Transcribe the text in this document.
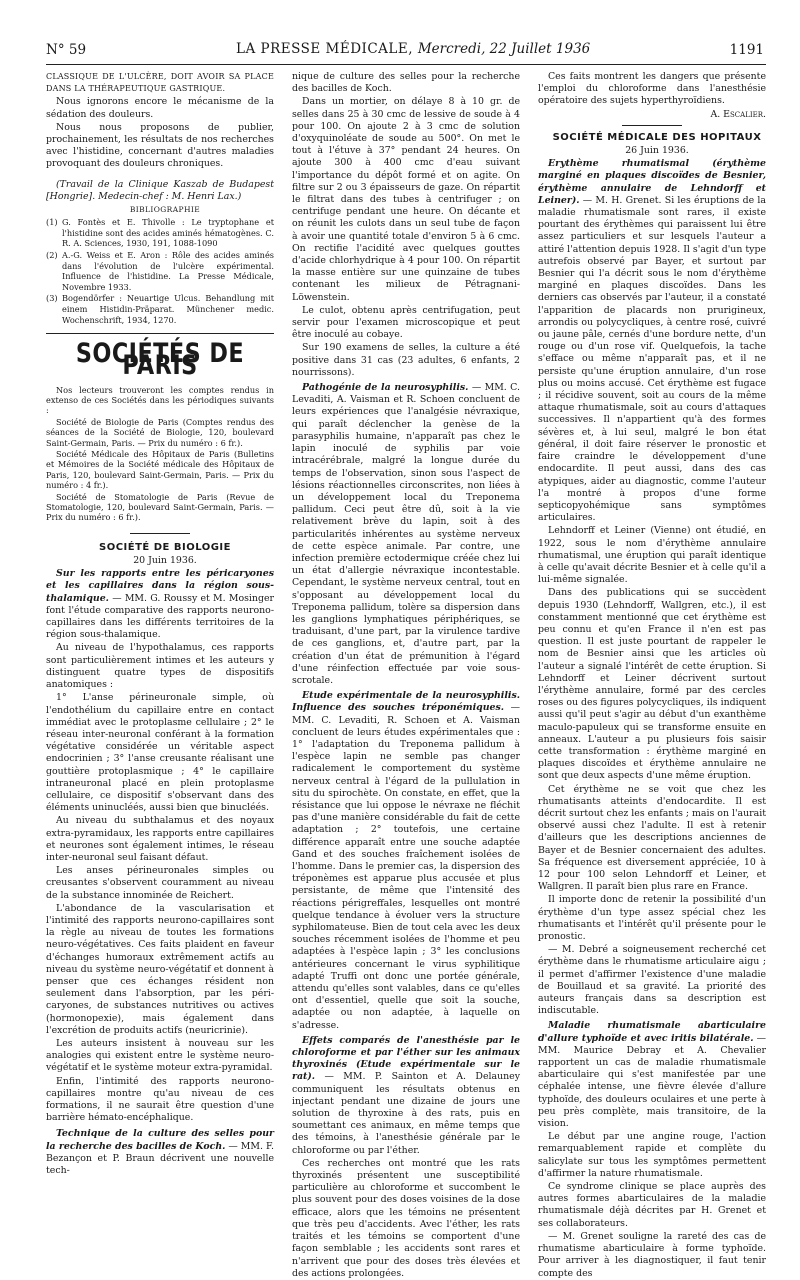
N° 59	LA PRESSE MÉDICALE, Mercredi, 22 Juillet 1936	1191

CLASSIQUE DE L'ULCÈRE, DOIT AVOIR SA PLACE DANS LA THÉRAPEUTIQUE GASTRIQUE.

Nous ignorons encore le mécanisme de la sédation des douleurs.

Nous nous proposons de publier, prochainement, les résultats de nos recherches avec l'histidine, concernant d'autres maladies provoquant des douleurs chroniques.

(Travail de la Clinique Kaszab de Budapest [Hongrie]. Medecin-chef : M. Henri Lax.)

BIBLIOGRAPHIE

(1) G. Fontès et E. Thivolle : Le tryptophane et l'histidine sont des acides aminés hématogènes. C. R. A. Sciences, 1930, 191, 1088-1090

(2) A.-G. Weiss et E. Aron : Rôle des acides aminés dans l'évolution de l'ulcère expérimental. Influence de l'histidine. La Presse Médicale, Novembre 1933.

(3) Bogendörfer : Neuartige Ulcus. Behandlung mit einem Histidin-Präparat. Münchener medic. Wochenschrift, 1934, 1270.

SOCIÉTÉS DE PARIS

Nos lecteurs trouveront les comptes rendus in extenso de ces Sociétés dans les périodiques suivants :

Société de Biologie de Paris (Comptes rendus des séances de la Société de Biologie, 120, boulevard Saint-Germain, Paris. — Prix du numéro : 6 fr.).

Société Médicale des Hôpitaux de Paris (Bulletins et Mémoires de la Société médicale des Hôpitaux de Paris, 120, boulevard Saint-Germain, Paris. — Prix du numéro : 4 fr.).

Société de Stomatologie de Paris (Revue de Stomatologie, 120, boulevard Saint-Germain, Paris. — Prix du numéro : 6 fr.).

SOCIÉTÉ DE BIOLOGIE

20 Juin 1936.

Sur les rapports entre les péricaryones et les capillaires dans la région sous-thalamique. — MM. G. Roussy et M. Mosinger font l'étude comparative des rapports neurono-capillaires dans les différents territoires de la région sous-thalamique.

Au niveau de l'hypothalamus, ces rapports sont particulièrement intimes et les auteurs y distinguent quatre types de dispositifs anatomiques :

1° L'anse périneuronale simple, où l'endothélium du capillaire entre en contact immédiat avec le protoplasme cellulaire ; 2° le réseau inter-neuronal conférant à la formation végétative considérée un véritable aspect endocrinien ; 3° l'anse creusante réalisant une gouttière protoplasmique ; 4° le capillaire intraneuronal placé en plein protoplasme cellulaire, ce dispositif s'observant dans des éléments uninucléés, aussi bien que binucléés.

Au niveau du subthalamus et des noyaux extra-pyramidaux, les rapports entre capillaires et neurones sont également intimes, le réseau inter-neuronal seul faisant défaut.

Les anses périneuronales simples ou creusantes s'observent couramment au niveau de la substance innominée de Reichert.

L'abondance de la vascularisation et l'intimité des rapports neurono-capillaires sont la règle au niveau de toutes les formations neuro-végétatives. Ces faits plaident en faveur d'échanges humoraux extrêmement actifs au niveau du système neuro-végétatif et donnent à penser que ces échanges résident non seulement dans l'absorption, par les péri-caryones, de substances nutritives ou actives (hormonopexie), mais également dans l'excrétion de produits actifs (neuricrinie).

Les auteurs insistent à nouveau sur les analogies qui existent entre le système neuro-végétatif et le système moteur extra-pyramidal.

Enfin, l'intimité des rapports neurono-capillaires montre qu'au niveau de ces formations, il ne saurait être question d'une barrière hémato-encéphalique.

Technique de la culture des selles pour la recherche des bacilles de Koch. — MM. F. Bezançon et P. Braun décrivent une nouvelle tech-

nique de culture des selles pour la recherche des bacilles de Koch.

Dans un mortier, on délaye 8 à 10 gr. de selles dans 25 à 30 cmc de lessive de soude à 4 pour 100. On ajoute 2 à 3 cmc de solution d'oxyquinoléate de soude au 500°. On met le tout à l'étuve à 37° pendant 24 heures. On ajoute 300 à 400 cmc d'eau suivant l'importance du dépôt formé et on agite. On filtre sur 2 ou 3 épaisseurs de gaze. On répartit le filtrat dans des tubes à centrifuger ; on centrifuge pendant une heure. On décante et on réunit les culots dans un seul tube de façon à avoir une quantité totale d'environ 5 à 6 cmc. On rectifie l'acidité avec quelques gouttes d'acide chlorhydrique à 4 pour 100. On répartit la masse entière sur une quinzaine de tubes contenant les milieux de Pétragnani-Löwenstein.

Le culot, obtenu après centrifugation, peut servir pour l'examen microscopique et peut être inoculé au cobaye.

Sur 190 examens de selles, la culture a été positive dans 31 cas (23 adultes, 6 enfants, 2 nourrissons).

Pathogénie de la neurosyphilis. — MM. C. Levaditi, A. Vaisman et R. Schoen concluent de leurs expériences que l'analgésie névraxique, qui paraît déclencher la genèse de la parasyphilis humaine, n'apparaît pas chez le lapin inoculé de syphilis par voie intracérébrale, malgré la longue durée du temps de l'observation, sinon sous l'aspect de lésions réactionnelles circonscrites, non liées à un développement local du Treponema pallidum. Ceci peut être dû, soit à la vie relativement brève du lapin, soit à des particularités inhérentes au système nerveux de cette espèce animale. Par contre, une infection première ectodermique créée chez lui un état d'allergie névraxique incontestable. Cependant, le système nerveux central, tout en s'opposant au développement local du Treponema pallidum, tolère sa dispersion dans les ganglions lymphatiques périphériques, se traduisant, d'une part, par la virulence tardive de ces ganglions, et, d'autre part, par la création d'un état de prémunition à l'égard d'une réinfection effectuée par voie sous-scrotale.

Etude expérimentale de la neurosyphilis. Influence des souches tréponémiques. — MM. C. Levaditi, R. Schoen et A. Vaisman concluent de leurs études expérimentales que : 1° l'adaptation du Treponema pallidum à l'espèce lapin ne semble pas changer radicalement le comportement du système nerveux central à l'égard de la pullulation in situ du spirochète. On constate, en effet, que la résistance que lui oppose le névraxe ne fléchit pas d'une manière considérable du fait de cette adaptation ; 2° toutefois, une certaine différence apparaît entre une souche adaptée Gand et des souches fraîchement isolées de l'homme. Dans le premier cas, la dispersion des tréponèmes est apparue plus accusée et plus persistante, de même que l'intensité des réactions périgreffales, lesquelles ont montré quelque tendance à évoluer vers la structure syphilomateuse. Bien de tout cela avec les deux souches récemment isolées de l'homme et peu adaptées à l'espèce lapin ; 3° les conclusions antérieures concernant le virus syphilitique adapté Truffi ont donc une portée générale, attendu qu'elles sont valables, dans ce qu'elles ont d'essentiel, quelle que soit la souche, adaptée ou non adaptée, à laquelle on s'adresse.

Effets comparés de l'anesthésie par le chloroforme et par l'éther sur les animaux thyroxinés (Etude expérimentale sur le rat). — MM. P. Sainton et A. Delauney communiquent les résultats obtenus en injectant pendant une dizaine de jours une solution de thyroxine à des rats, puis en soumettant ces animaux, en même temps que des témoins, à l'anesthésie générale par le chloroforme ou par l'éther.

Ces recherches ont montré que les rats thyroxinés présentent une susceptibilité particulière au chloroforme et succombent le plus souvent pour des doses voisines de la dose efficace, alors que les témoins ne présentent que très peu d'accidents. Avec l'éther, les rats traités et les témoins se comportent d'une façon semblable ; les accidents sont rares et n'arrivent que pour des doses très élevées et des actions prolongées.

Ces faits montrent les dangers que présente l'emploi du chloroforme dans l'anesthésie opératoire des sujets hyperthyroïdiens.

A. Escalier.

SOCIÉTÉ MÉDICALE DES HOPITAUX

26 Juin 1936.

Erythème rhumatismal (érythème marginé en plaques discoïdes de Besnier, érythème annulaire de Lehndorff et Leiner). — M. H. Grenet. Si les éruptions de la maladie rhumatismale sont rares, il existe pourtant des érythèmes qui paraissent lui être assez particuliers et sur lesquels l'auteur a attiré l'attention depuis 1928. Il s'agit d'un type autrefois observé par Bayer, et surtout par Besnier qui l'a décrit sous le nom d'érythème marginé en plaques discoïdes. Dans les derniers cas observés par l'auteur, il a constaté l'apparition de placards non prurigineux, arrondis ou polycycliques, à centre rosé, cuivré ou jaune pâle, cernés d'une bordure nette, d'un rouge ou d'un rose vif. Quelquefois, la tache s'efface ou même n'apparaît pas, et il ne persiste qu'une éruption annulaire, d'un rose plus ou moins accusé. Cet érythème est fugace ; il récidive souvent, soit au cours de la même attaque rhumatismale, soit au cours d'attaques successives. Il n'appartient qu'à des formes sévères et, à lui seul, malgré le bon état général, il doit faire réserver le pronostic et faire craindre le développement d'une endocardite. Il peut aussi, dans des cas atypiques, aider au diagnostic, comme l'auteur l'a montré à propos d'une forme septicopyohémique sans symptômes articulaires.

Lehndorff et Leiner (Vienne) ont étudié, en 1922, sous le nom d'érythème annulaire rhumatismal, une éruption qui paraît identique à celle qu'avait décrite Besnier et à celle qu'il a lui-même signalée.

Dans des publications qui se succèdent depuis 1930 (Lehndorff, Wallgren, etc.), il est constamment mentionné que cet érythème est peu connu et qu'en France il n'en est pas question. Il est juste pourtant de rappeler le nom de Besnier ainsi que les articles où l'auteur a signalé l'intérêt de cette éruption. Si Lehndorff et Leiner décrivent surtout l'érythème annulaire, formé par des cercles roses ou des figures polycycliques, ils indiquent aussi qu'il peut s'agir au début d'un exanthème maculo-papuleux qui se transforme ensuite en anneaux. L'auteur a pu plusieurs fois saisir cette transformation : érythème marginé en plaques discoïdes et érythème annulaire ne sont que deux aspects d'une même éruption.

Cet érythème ne se voit que chez les rhumatisants atteints d'endocardite. Il est décrit surtout chez les enfants ; mais on l'aurait observé aussi chez l'adulte. Il est à retenir d'ailleurs que les descriptions anciennes de Bayer et de Besnier concernaient des adultes. Sa fréquence est diversement appréciée, 10 à 12 pour 100 selon Lehndorff et Leiner, et Wallgren. Il paraît bien plus rare en France.

Il importe donc de retenir la possibilité d'un érythème d'un type assez spécial chez les rhumatisants et l'intérêt qu'il présente pour le pronostic.

— M. Debré a soigneusement recherché cet érythème dans le rhumatisme articulaire aigu ; il permet d'affirmer l'existence d'une maladie de Bouillaud et sa gravité. La priorité des auteurs français dans sa description est indiscutable.

Maladie rhumatismale abarticulaire d'allure typhoïde et avec iritis bilatérale. — MM. Maurice Debray et A. Chevalier rapportent un cas de maladie rhumatismale abarticulaire qui s'est manifestée par une céphalée intense, une fièvre élevée d'allure typhoïde, des douleurs oculaires et une perte à peu près complète, mais transitoire, de la vision.

Le début par une angine rouge, l'action remarquablement rapide et complète du salicylate sur tous les symptômes permettent d'affirmer la nature rhumatismale.

Ce syndrome clinique se place auprès des autres formes abarticulaires de la maladie rhumatismale déjà décrites par H. Grenet et ses collaborateurs.

— M. Grenet souligne la rareté des cas de rhumatisme abarticulaire à forme typhoïde. Pour arriver à les diagnostiquer, il faut tenir compte des
